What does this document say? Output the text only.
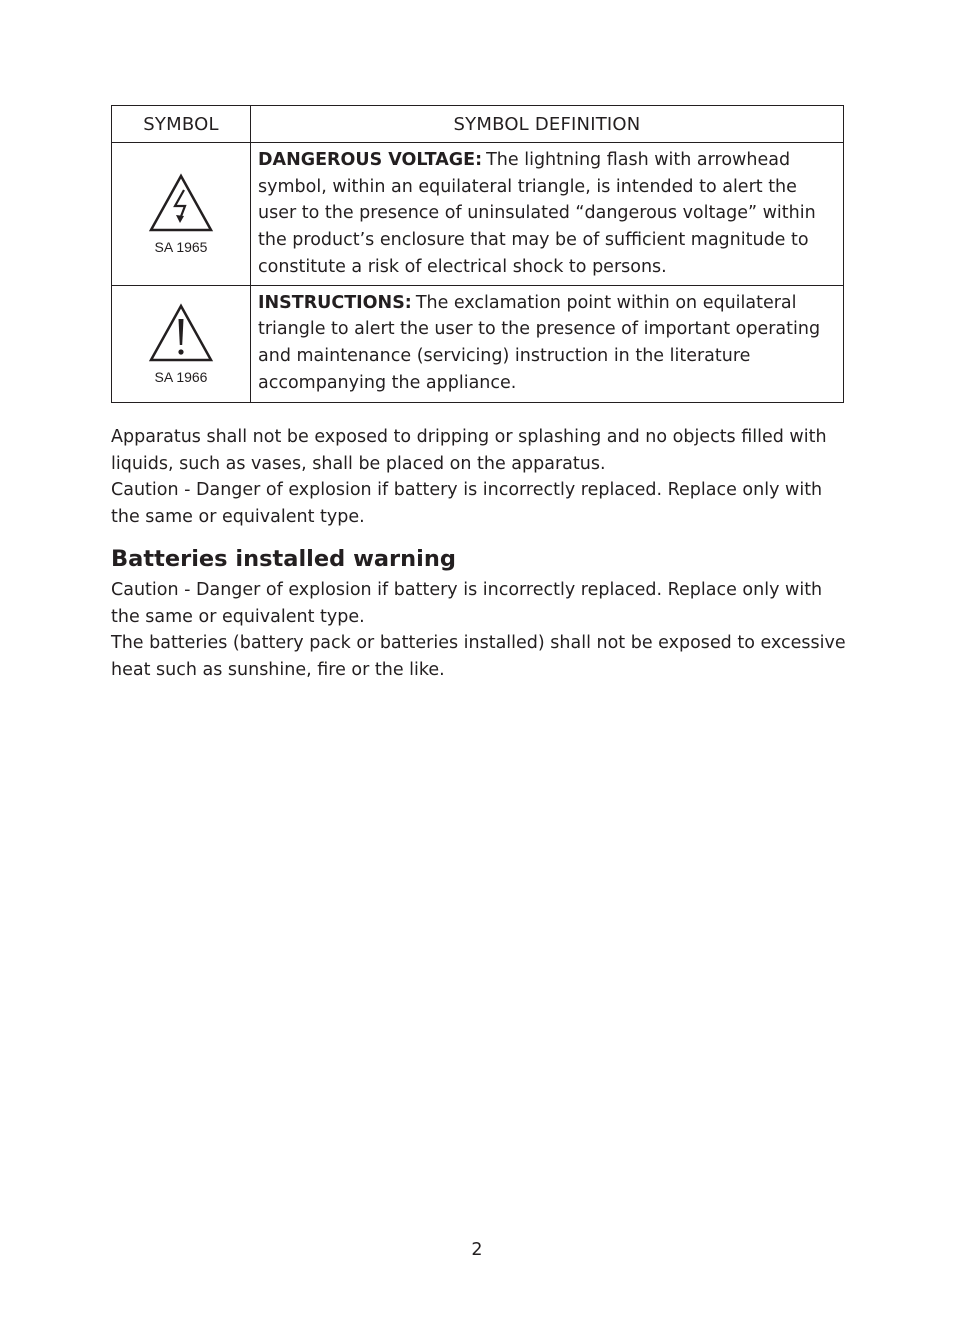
SYMBOL	SYMBOL DEFINITION

SA 1965	DANGEROUS VOLTAGE: The lightning flash with arrowhead symbol, within an equilateral triangle, is intended to alert the user to the presence of uninsulated “dangerous voltage” within the product’s enclosure that may be of sufficient magnitude to constitute a risk of electrical shock to persons.

SA 1966	INSTRUCTIONS: The exclamation point within on equilateral triangle to alert the user to the presence of important operating and maintenance (servicing) instruction in the literature accompanying the appliance.

Apparatus shall not be exposed to dripping or splashing and no objects filled with liquids, such as vases, shall be placed on the apparatus.

Caution - Danger of explosion if battery is incorrectly replaced. Replace only with the same or equivalent type.

Batteries installed warning

Caution - Danger of explosion if battery is incorrectly replaced. Replace only with the same or equivalent type.

The batteries (battery pack or batteries installed) shall not be exposed to excessive heat such as sunshine, fire or the like.

2
